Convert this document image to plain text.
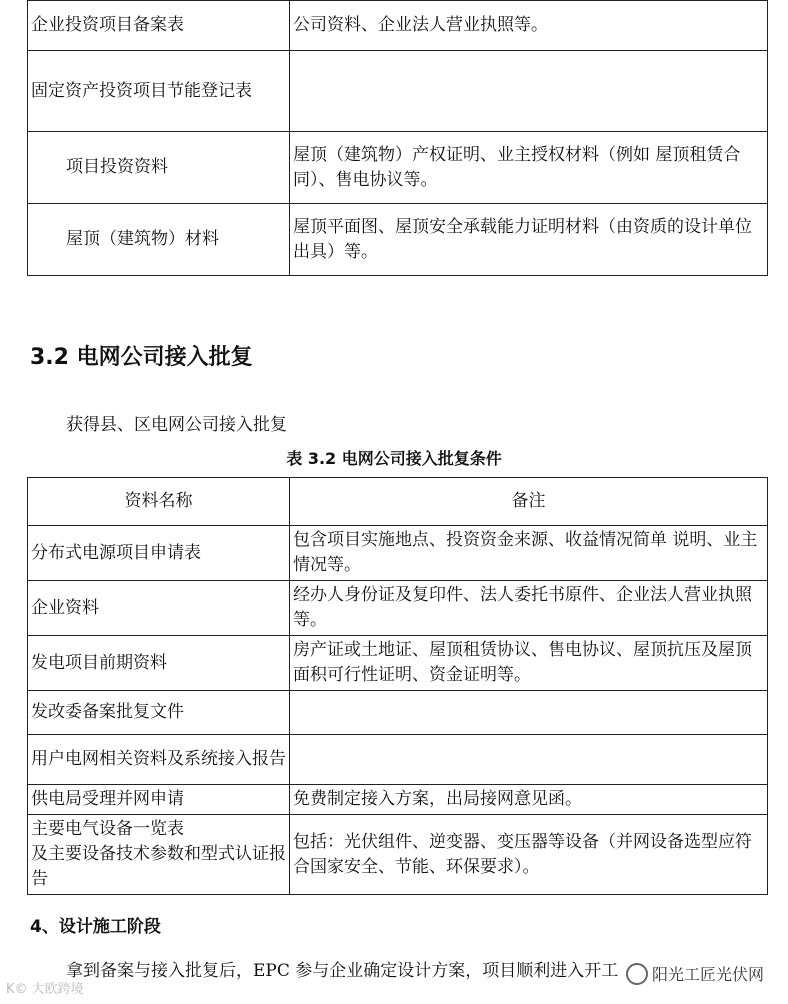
企业投资项目备案表	公司资料、企业法人营业执照等。
固定资产投资项目节能登记表	
项目投资资料	屋顶（建筑物）产权证明、业主授权材料（例如 屋顶租赁合同）、售电协议等。
屋顶（建筑物）材料	屋顶平面图、屋顶安全承载能力证明材料（由资质的设计单位出具）等。
3.2 电网公司接入批复
获得县、区电网公司接入批复
表 3.2 电网公司接入批复条件
资料名称	备注
分布式电源项目申请表	包含项目实施地点、投资资金来源、收益情况简单 说明、业主情况等。
企业资料	经办人身份证及复印件、法人委托书原件、企业法人营业执照等。
发电项目前期资料	房产证或土地证、屋顶租赁协议、售电协议、屋顶抗压及屋顶面积可行性证明、资金证明等。
发改委备案批复文件	
用户电网相关资料及系统接入报告	
供电局受理并网申请	免费制定接入方案，出局接网意见函。
主要电气设备一览表
及主要设备技术参数和型式认证报告	包括：光伏组件、逆变器、变压器等设备（并网设备选型应符合国家安全、节能、环保要求）。
4、设计施工阶段
拿到备案与接入批复后，EPC 参与企业确定设计方案，项目顺利进入开工
K© 大欧跨境
阳光工匠光伏网
